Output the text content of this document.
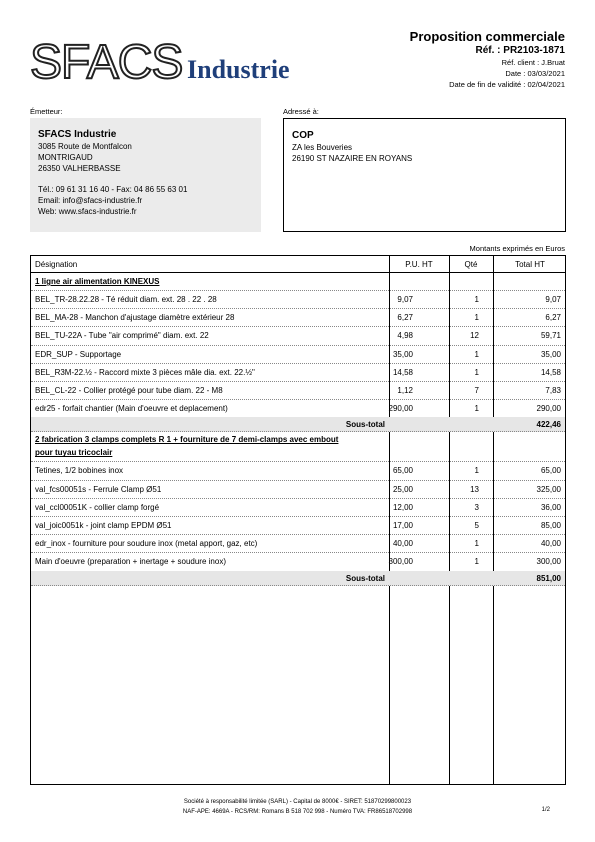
SFACS Industrie
Proposition commerciale
Réf. : PR2103-1871
Réf. client : J.Bruat
Date : 03/03/2021
Date de fin de validité : 02/04/2021
Émetteur:	Adressé à:
SFACS Industrie
3085 Route de Montfalcon
MONTRIGAUD
26350 VALHERBASSE
Tél.: 09 61 31 16 40 - Fax: 04 86 55 63 01
Email: info@sfacs-industrie.fr
Web: www.sfacs-industrie.fr
COP
ZA les Bouveries
26190 ST NAZAIRE EN ROYANS
Montants exprimés en Euros
Désignation	P.U. HT	Qté	Total HT
1 ligne air alimentation KINEXUS
BEL_TR-28.22.28 - Té réduit diam. ext. 28 . 22 . 28	9,07	1	9,07
BEL_MA-28 - Manchon d'ajustage diamètre extérieur 28	6,27	1	6,27
BEL_TU-22A - Tube "air comprimé" diam. ext. 22	4,98	12	59,71
EDR_SUP - Supportage	35,00	1	35,00
BEL_R3M-22.½ - Raccord mixte 3 pièces mâle dia. ext. 22.½"	14,58	1	14,58
BEL_CL-22 - Collier protégé pour tube diam. 22 - M8	1,12	7	7,83
edr25 - forfait chantier (Main d'oeuvre et deplacement)	290,00	1	290,00
Sous-total	422,46
2 fabrication 3 clamps complets R 1 + fourniture de 7 demi-clamps avec embout
pour tuyau tricoclair
Tetines, 1/2 bobines inox	65,00	1	65,00
val_fcs00051s - Ferrule Clamp Ø51	25,00	13	325,00
val_ccl00051K - collier clamp forgé	12,00	3	36,00
val_joic0051k - joint clamp EPDM Ø51	17,00	5	85,00
edr_inox - fourniture pour soudure inox (metal apport, gaz, etc)	40,00	1	40,00
Main d'oeuvre (preparation + inertage + soudure inox)	300,00	1	300,00
Sous-total	851,00
Société à responsabilité limitée (SARL) - Capital de 8000€ - SIRET: 51870299800023
NAF-APE: 4669A - RCS/RM: Romans B 518 702 998 - Numéro TVA: FR86518702998	1/2
